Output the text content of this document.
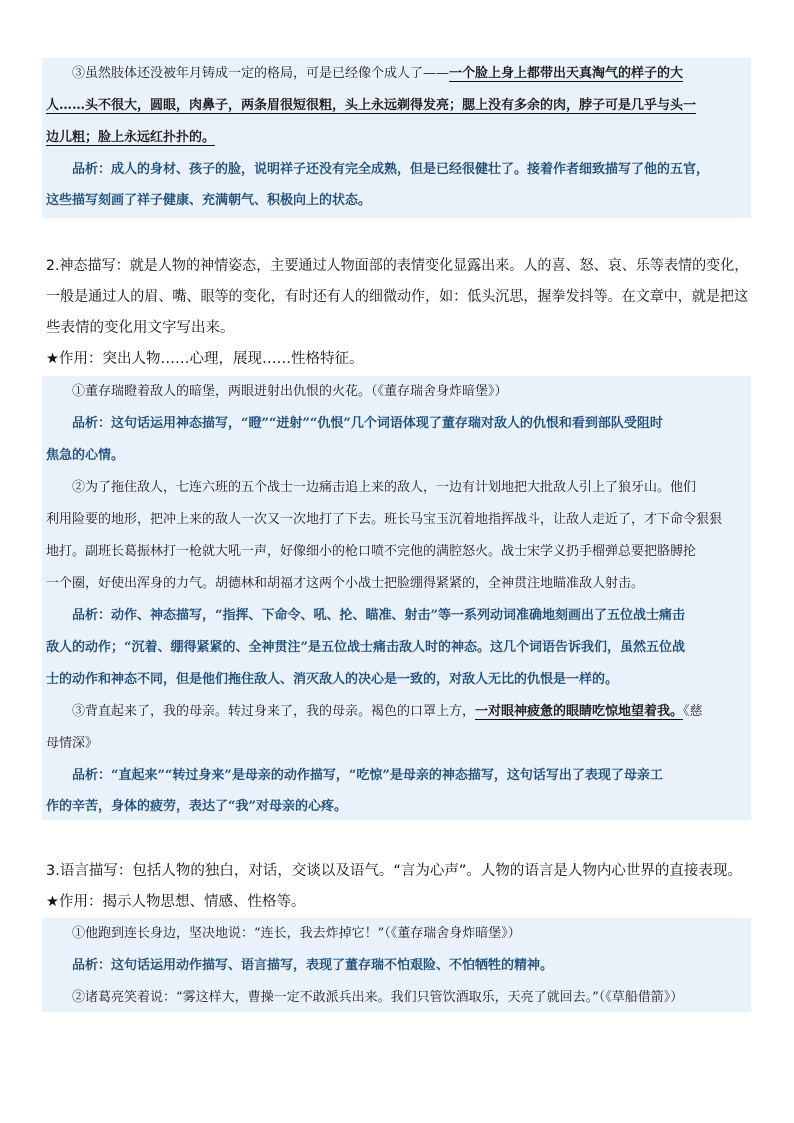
③虽然肢体还没被年月铸成一定的格局，可是已经像个成人了——一个脸上身上都带出天真淘气的样子的大
人……头不很大，圆眼，肉鼻子，两条眉很短很粗，头上永远剃得发亮；腮上没有多余的肉，脖子可是几乎与头一
边儿粗；脸上永远红扑扑的。
品析：成人的身材、孩子的脸，说明祥子还没有完全成熟，但是已经很健壮了。接着作者细致描写了他的五官，
这些描写刻画了祥子健康、充满朝气、积极向上的状态。
2.神态描写：就是人物的神情姿态，主要通过人物面部的表情变化显露出来。人的喜、怒、哀、乐等表情的变化，
一般是通过人的眉、嘴、眼等的变化，有时还有人的细微动作，如：低头沉思，握拳发抖等。在文章中，就是把这
些表情的变化用文字写出来。
★作用：突出人物……心理，展现……性格特征。
①董存瑞瞪着敌人的暗堡，两眼迸射出仇恨的火花。（《董存瑞舍身炸暗堡》）
品析：这句话运用神态描写，“瞪”“迸射”“仇恨”几个词语体现了董存瑞对敌人的仇恨和看到部队受阻时
焦急的心情。
②为了拖住敌人，七连六班的五个战士一边痛击追上来的敌人，一边有计划地把大批敌人引上了狼牙山。他们
利用险要的地形，把冲上来的敌人一次又一次地打了下去。班长马宝玉沉着地指挥战斗，让敌人走近了，才下命令狠狠
地打。副班长葛振林打一枪就大吼一声，好像细小的枪口喷不完他的满腔怒火。战士宋学义扔手榴弹总要把胳膊抡
一个圈，好使出浑身的力气。胡德林和胡福才这两个小战士把脸绷得紧紧的，全神贯注地瞄准敌人射击。
品析：动作、神态描写，“指挥、下命令、吼、抡、瞄准、射击”等一系列动词准确地刻画出了五位战士痛击
敌人的动作；“沉着、绷得紧紧的、全神贯注”是五位战士痛击敌人时的神态。这几个词语告诉我们，虽然五位战
士的动作和神态不同，但是他们拖住敌人、消灭敌人的决心是一致的，对敌人无比的仇恨是一样的。
③背直起来了，我的母亲。转过身来了，我的母亲。褐色的口罩上方，一对眼神疲惫的眼睛吃惊地望着我。《慈
母情深》
品析：“直起来”“转过身来”是母亲的动作描写，“吃惊”是母亲的神态描写，这句话写出了表现了母亲工
作的辛苦，身体的疲劳，表达了“我”对母亲的心疼。
3.语言描写：包括人物的独白，对话，交谈以及语气。“言为心声”。人物的语言是人物内心世界的直接表现。
★作用：揭示人物思想、情感、性格等。
①他跑到连长身边，坚决地说：“连长，我去炸掉它！”（《董存瑞舍身炸暗堡》）
品析：这句话运用动作描写、语言描写，表现了董存瑞不怕艰险、不怕牺牲的精神。
②诸葛亮笑着说：“雾这样大，曹操一定不敢派兵出来。我们只管饮酒取乐，天亮了就回去。”（《草船借箭》）
